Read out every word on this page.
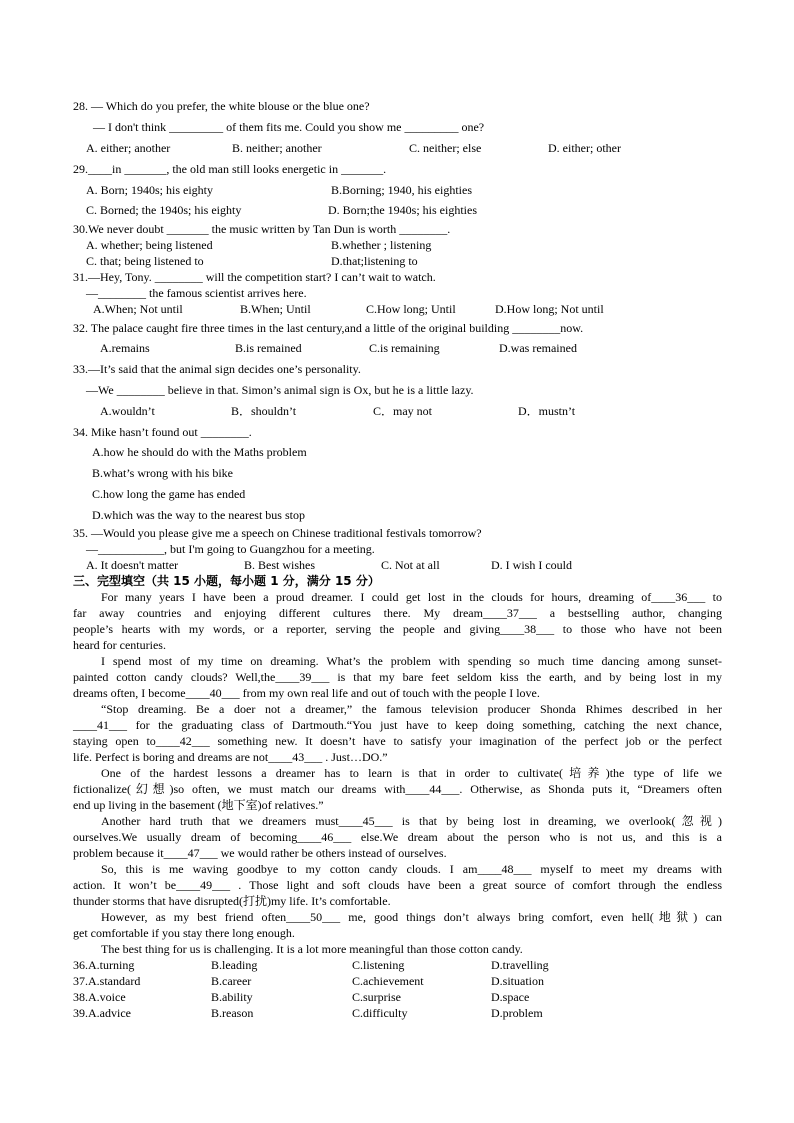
28. — Which do you prefer, the white blouse or the blue one?
— I don't think _________ of them fits me. Could you show me _________ one?
A. either; another	B. neither; another	C. neither; else	D. either; other
29.____in _______, the old man still looks energetic in _______.
A. Born; 1940s; his eighty	B.Borning; 1940, his eighties
C. Borned; the 1940s; his eighty	D. Born;the 1940s; his eighties
30.We never doubt _______ the music written by Tan Dun is worth ________.
A. whether; being listened	B.whether ; listening
C. that; being listened to	D.that;listening to
31.—Hey, Tony. ________ will the competition start? I can’t wait to watch.
—________ the famous scientist arrives here.
A.When; Not until	B.When; Until	C.How long; Until	D.How long; Not until
32. The palace caught fire three times in the last century,and a little of the original building ________now.
A.remains	B.is remained	C.is remaining	D.was remained
33.—It’s said that the animal sign decides one’s personality.
—We ________ believe in that. Simon’s animal sign is Ox, but he is a little lazy.
A.wouldn’t	B．shouldn’t	C．may not	D．mustn’t
34. Mike hasn’t found out ________.
A.how he should do with the Maths problem
B.what’s wrong with his bike
C.how long the game has ended
D.which was the way to the nearest bus stop
35. —Would you please give me a speech on Chinese traditional festivals tomorrow?
—___________, but I'm going to Guangzhou for a meeting.
A. It doesn't matter	B. Best wishes	C. Not at all	D. I wish I could
三、完型填空（共 15 小题，每小题 1 分，满分 15 分）
For many years I have been a proud dreamer. I could get lost in the clouds for hours, dreaming of____36___ to
far away countries and enjoying different cultures there. My dream____37___ a bestselling author, changing
people’s hearts with my words, or a reporter, serving the people and giving____38___ to those who have not been
heard for centuries.
I spend most of my time on dreaming. What’s the problem with spending so much time dancing among sunset-
painted cotton candy clouds? Well,the____39___ is that my bare feet seldom kiss the earth, and by being lost in my
dreams often, I become____40___ from my own real life and out of touch with the people I love.
“Stop dreaming. Be a doer not a dreamer,” the famous television producer Shonda Rhimes described in her
____41___ for the graduating class of Dartmouth.“You just have to keep doing something, catching the next chance,
staying open to____42___ something new. It doesn’t have to satisfy your imagination of the perfect job or the perfect
life. Perfect is boring and dreams are not____43___ . Just…DO.”
One of the hardest lessons a dreamer has to learn is that in order to cultivate(培养)the type of life we
fictionalize(幻想)so often, we must match our dreams with____44___. Otherwise, as Shonda puts it, “Dreamers often
end up living in the basement (地下室)of relatives.”
Another hard truth that we dreamers must____45___ is that by being lost in dreaming, we overlook(忽视)
ourselves.We usually dream of becoming____46___ else.We dream about the person who is not us, and this is a
problem because it____47___ we would rather be others instead of ourselves.
So, this is me waving goodbye to my cotton candy clouds. I am____48___ myself to meet my dreams with
action. It won’t be____49___ . Those light and soft clouds have been a great source of comfort through the endless
thunder storms that have disrupted(打扰)my life. It’s comfortable.
However, as my best friend often____50___ me, good things don’t always bring comfort, even hell(地狱) can
get comfortable if you stay there long enough.
The best thing for us is challenging. It is a lot more meaningful than those cotton candy.
36.A.turning	B.leading	C.listening	D.travelling
37.A.standard	B.career	C.achievement	D.situation
38.A.voice	B.ability	C.surprise	D.space
39.A.advice	B.reason	C.difficulty	D.problem
